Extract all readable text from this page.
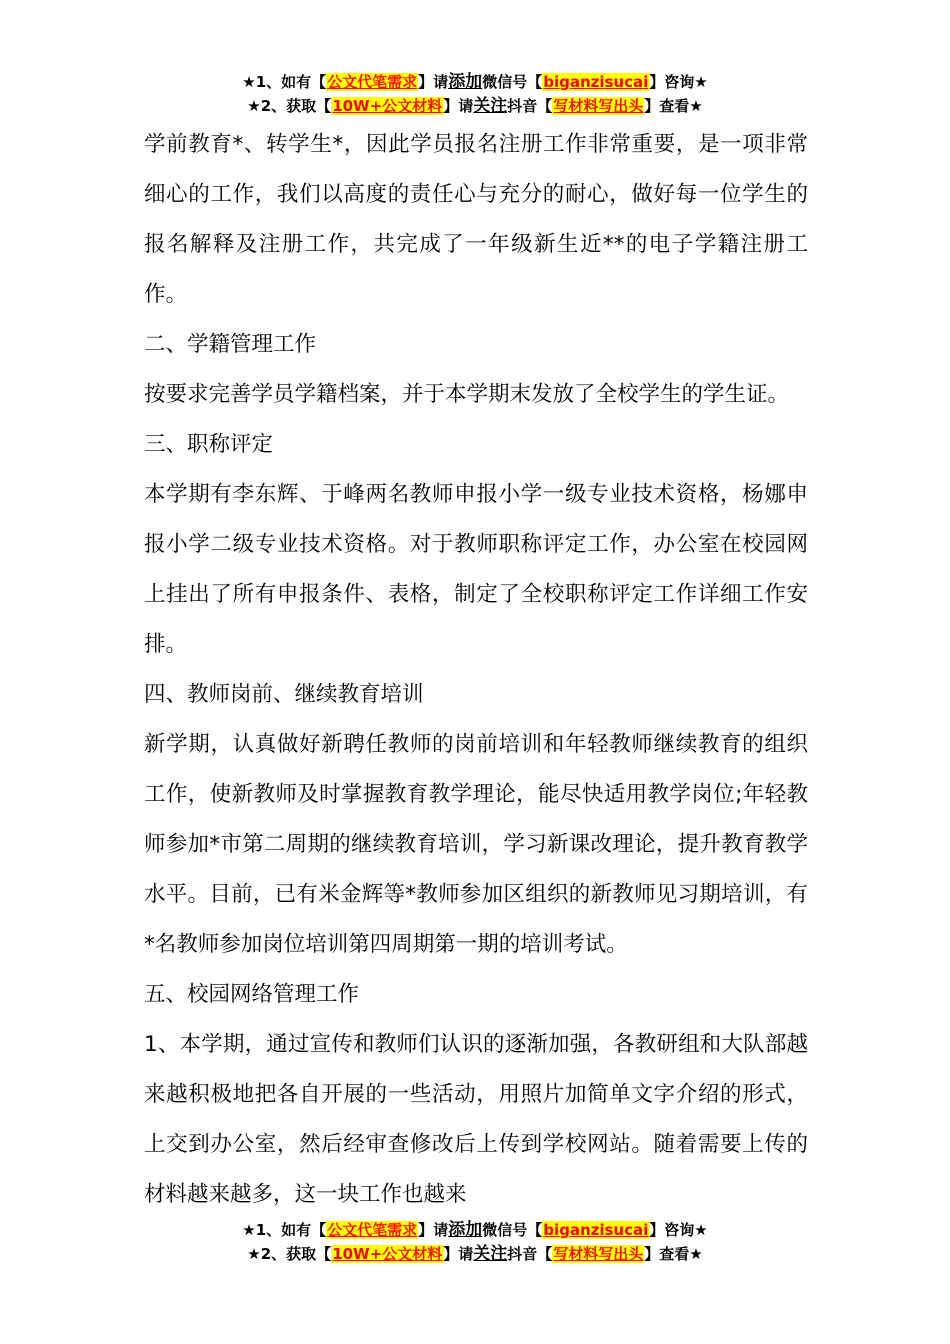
★1、如有【公文代笔需求】请添加微信号【biganzisucai】咨询★
★2、获取【10W+公文材料】请关注抖音【写材料写出头】查看★

学前教育*、转学生*，因此学员报名注册工作非常重要，是一项非常细心的工作，我们以高度的责任心与充分的耐心，做好每一位学生的报名解释及注册工作，共完成了一年级新生近**的电子学籍注册工作。

二、学籍管理工作

按要求完善学员学籍档案，并于本学期末发放了全校学生的学生证。

三、职称评定

本学期有李东辉、于峰两名教师申报小学一级专业技术资格，杨娜申报小学二级专业技术资格。对于教师职称评定工作，办公室在校园网上挂出了所有申报条件、表格，制定了全校职称评定工作详细工作安排。

四、教师岗前、继续教育培训

新学期，认真做好新聘任教师的岗前培训和年轻教师继续教育的组织工作，使新教师及时掌握教育教学理论，能尽快适用教学岗位;年轻教师参加*市第二周期的继续教育培训，学习新课改理论，提升教育教学水平。目前，已有米金辉等*教师参加区组织的新教师见习期培训，有*名教师参加岗位培训第四周期第一期的培训考试。

五、校园网络管理工作

1、本学期，通过宣传和教师们认识的逐渐加强，各教研组和大队部越来越积极地把各自开展的一些活动，用照片加简单文字介绍的形式，上交到办公室，然后经审查修改后上传到学校网站。随着需要上传的材料越来越多，这一块工作也越来

★1、如有【公文代笔需求】请添加微信号【biganzisucai】咨询★
★2、获取【10W+公文材料】请关注抖音【写材料写出头】查看★
